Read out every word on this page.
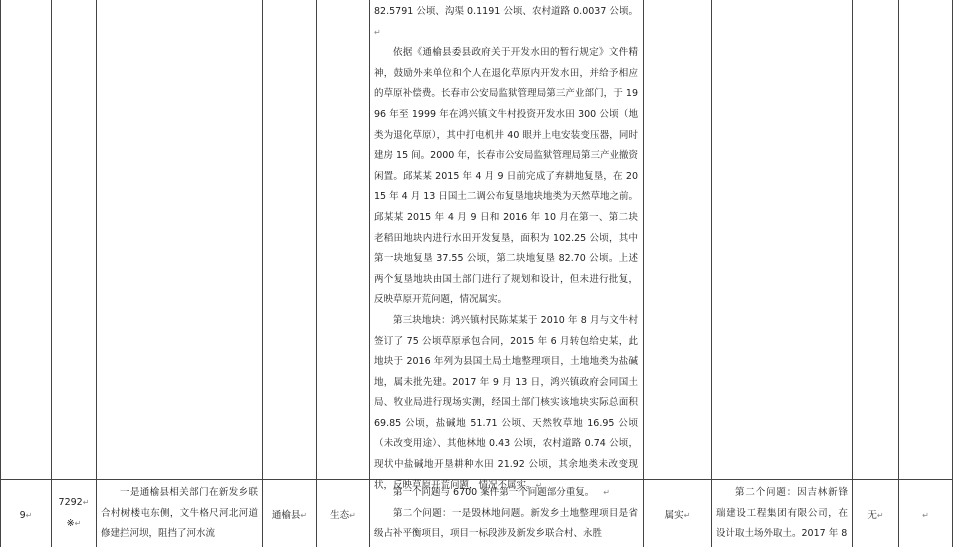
82.5791 公顷、沟渠 0.1191 公顷、农村道路 0.0037 公顷。↵

依据《通榆县委县政府关于开发水田的暂行规定》文件精神，鼓励外来单位和个人在退化草原内开发水田，并给予相应的草原补偿费。长春市公安局监狱管理局第三产业部门，于 1996 年至 1999 年在鸿兴镇文牛村投资开发水田 300 公顷（地类为退化草原），其中打电机井 40 眼并上电安装变压器，同时建房 15 间。2000 年，长春市公安局监狱管理局第三产业撤资闲置。邱某某 2015 年 4 月 9 日前完成了弃耕地复垦，在 2015 年 4 月 13 日国土二调公布复垦地块地类为天然草地之前。邱某某 2015 年 4 月 9 日和 2016 年 10 月在第一、第二块老稻田地块内进行水田开发复垦，面积为 102.25 公顷，其中第一块地复垦 37.55 公顷，第二块地复垦 82.70 公顷。上述两个复垦地块由国土部门进行了规划和设计，但未进行批复，反映草原开荒问题，情况属实。

第三块地块：鸿兴镇村民陈某某于 2010 年 8 月与文牛村签订了 75 公顷草原承包合同，2015 年 6 月转包给史某，此地块于 2016 年列为县国土局土地整理项目，土地地类为盐碱地，属未批先建。2017 年 9 月 13 日，鸿兴镇政府会同国土局、牧业局进行现场实测，经国土部门核实该地块实际总面积 69.85 公顷，盐碱地 51.71 公顷、天然牧草地 16.95 公顷（未改变用途）、其他林地 0.43 公顷，农村道路 0.74 公顷，现状中盐碱地开垦耕种水田 21.92 公顷，其余地类未改变现状，反映草原开荒问题，情况不属实。↵

9↵
7292↵
※↵

一是通榆县相关部门在新发乡联合村树楼屯东侧，文牛格尺河北河道修建拦河坝，阻挡了河水流

通榆县↵	生态↵

第一个问题与 6700 案件第一个问题部分重复。 ↵

第二个问题：一是毁林地问题。新发乡土地整理项目是省级占补平衡项目，项目一标段涉及新发乡联合村、永胜

属实↵

第二个问题：因吉林新锋瑞建设工程集团有限公司，在设计取土场外取土。2017 年 8

无↵	↵
